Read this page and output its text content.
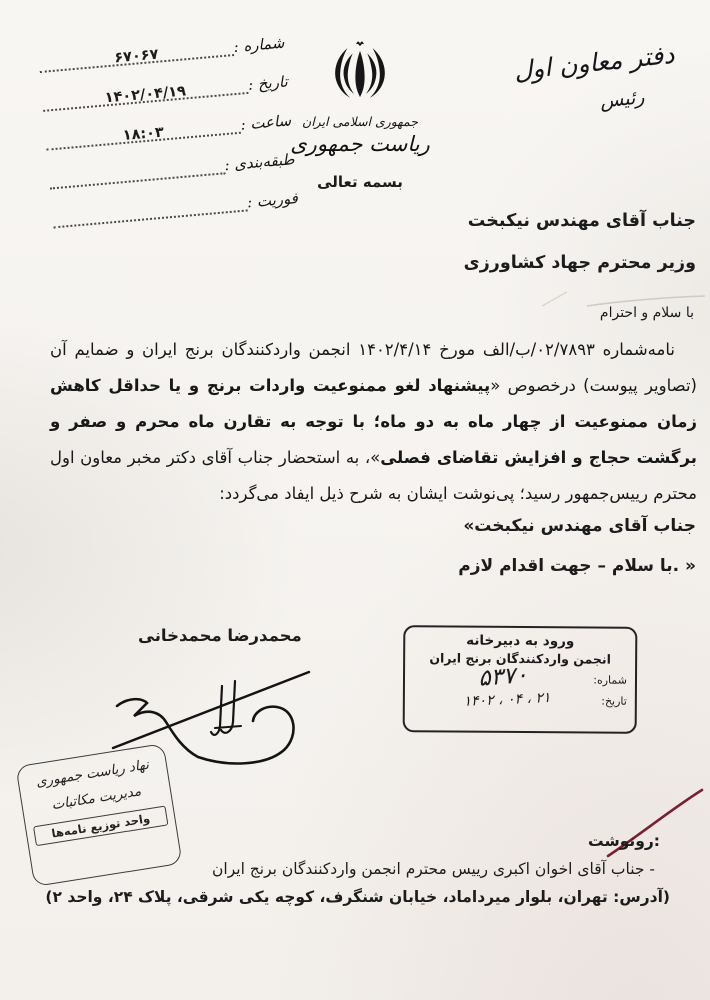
شماره :
۶۷۰۶۷
تاریخ :
۱۴۰۲/۰۴/۱۹
ساعت :
۱۸:۰۳
طبقه‌بندی :
فوریت :
جمهوری اسلامی ایران
ریاست جمهوری
بسمه تعالی
دفتر معاون اول
رئیس
جناب آقای مهندس نیکبخت
وزیر محترم جهاد کشاورزی
با سلام و احترام
نامه‌شماره ۰۲/۷۸۹۳/ب/الف مورخ ۱۴۰۲/۴/۱۴ انجمن واردکنندگان برنج ایران و ضمایم آن (تصاویر پیوست) درخصوص «پیشنهاد لغو ممنوعیت واردات برنج و یا حداقل کاهش زمان ممنوعیت از چهار ماه به دو ماه؛ با توجه به تقارن ماه محرم و صفر و برگشت حجاج و افزایش تقاضای فصلی»، به استحضار جناب آقای دکتر مخبر معاون اول محترم رییس‌جمهور رسید؛ پی‌نوشت ایشان به شرح ذیل ایفاد می‌گردد:
«جناب آقای مهندس نیکبخت
با سلام – جهت اقدام لازم. »
محمدرضا محمدخانی	ورود به دبیرخانه
انجمن واردکنندگان برنج ایران
شماره:
۵۳۷۰
تاریخ:
۱۴۰۲ ، ۰۴ ، ۲۱
نهاد ریاست جمهوری
مدیریت مکاتبات
واحد توزیع نامه‌ها
رونوشت:
- جناب آقای اخوان اکبری رییس محترم انجمن واردکنندگان برنج ایران
(آدرس: تهران، بلوار میرداماد، خیابان شنگرف، کوچه یکی شرقی، پلاک ۲۴، واحد ۲)
